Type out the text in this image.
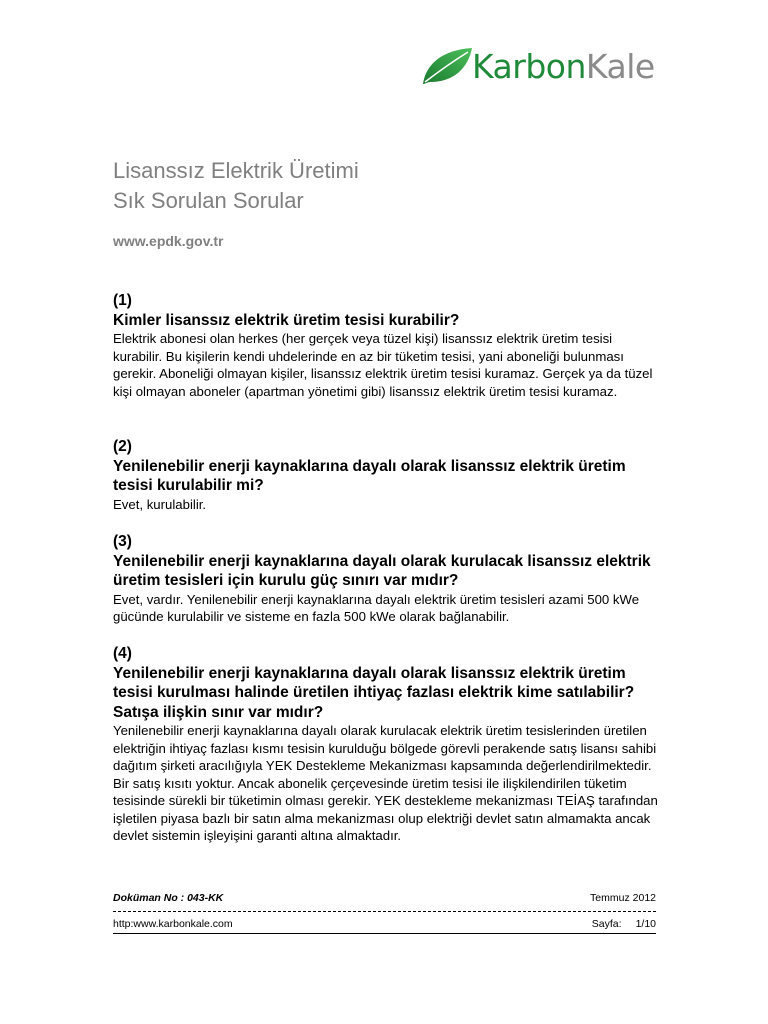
KarbonKale
Lisanssız Elektrik Üretimi
Sık Sorulan Sorular
www.epdk.gov.tr
(1)
Kimler lisanssız elektrik üretim tesisi kurabilir?
Elektrik abonesi olan herkes (her gerçek veya tüzel kişi) lisanssız elektrik üretim tesisi kurabilir. Bu kişilerin kendi uhdelerinde en az bir tüketim tesisi, yani aboneliği bulunması gerekir. Aboneliği olmayan kişiler, lisanssız elektrik üretim tesisi kuramaz. Gerçek ya da tüzel kişi olmayan aboneler (apartman yönetimi gibi) lisanssız elektrik üretim tesisi kuramaz.
(2)
Yenilenebilir enerji kaynaklarına dayalı olarak lisanssız elektrik üretim tesisi kurulabilir mi?
Evet, kurulabilir.
(3)
Yenilenebilir enerji kaynaklarına dayalı olarak kurulacak lisanssız elektrik üretim tesisleri için kurulu güç sınırı var mıdır?
Evet, vardır. Yenilenebilir enerji kaynaklarına dayalı elektrik üretim tesisleri azami 500 kWe gücünde kurulabilir ve sisteme en fazla 500 kWe olarak bağlanabilir.
(4)
Yenilenebilir enerji kaynaklarına dayalı olarak lisanssız elektrik üretim tesisi kurulması halinde üretilen ihtiyaç fazlası elektrik kime satılabilir? Satışa ilişkin sınır var mıdır?
Yenilenebilir enerji kaynaklarına dayalı olarak kurulacak elektrik üretim tesislerinden üretilen elektriğin ihtiyaç fazlası kısmı tesisin kurulduğu bölgede görevli perakende satış lisansı sahibi dağıtım şirketi aracılığıyla YEK Destekleme Mekanizması kapsamında değerlendirilmektedir. Bir satış kısıtı yoktur. Ancak abonelik çerçevesinde üretim tesisi ile ilişkilendirilen tüketim tesisinde sürekli bir tüketimin olması gerekir. YEK destekleme mekanizması TEİAŞ tarafından işletilen piyasa bazlı bir satın alma mekanizması olup elektriği devlet satın almamakta ancak devlet sistemin işleyişini garanti altına almaktadır.
Doküman No : 043-KK	Temmuz 2012
http:www.karbonkale.com	Sayfa: 1/10
